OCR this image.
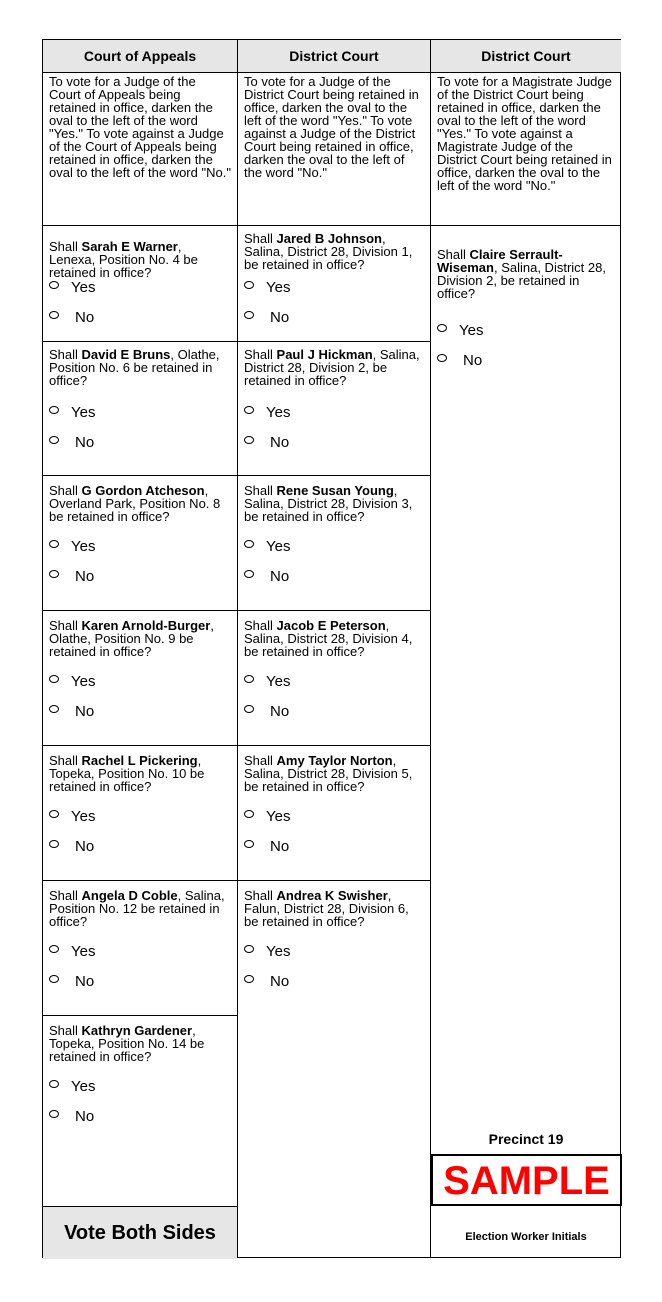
Court of Appeals
To vote for a Judge of the Court of Appeals being retained in office, darken the oval to the left of the word "Yes." To vote against a Judge of the Court of Appeals being retained in office, darken the oval to the left of the word "No."
Shall Sarah E Warner, Lenexa, Position No. 4 be retained in office?
Yes
No
Shall David E Bruns, Olathe, Position No. 6 be retained in office?
Yes
No
Shall G Gordon Atcheson, Overland Park, Position No. 8 be retained in office?
Yes
No
Shall Karen Arnold-Burger, Olathe, Position No. 9 be retained in office?
Yes
No
Shall Rachel L Pickering, Topeka, Position No. 10 be retained in office?
Yes
No
Shall Angela D Coble, Salina, Position No. 12 be retained in office?
Yes
No
Shall Kathryn Gardener, Topeka, Position No. 14 be retained in office?
Yes
No
Vote Both Sides
District Court
To vote for a Judge of the District Court being retained in office, darken the oval to the left of the word "Yes." To vote against a Judge of the District Court being retained in office, darken the oval to the left of the word "No."
Shall Jared B Johnson, Salina, District 28, Division 1, be retained in office?
Yes
No
Shall Paul J Hickman, Salina, District 28, Division 2, be retained in office?
Yes
No
Shall Rene Susan Young, Salina, District 28, Division 3, be retained in office?
Yes
No
Shall Jacob E Peterson, Salina, District 28, Division 4, be retained in office?
Yes
No
Shall Amy Taylor Norton, Salina, District 28, Division 5, be retained in office?
Yes
No
Shall Andrea K Swisher, Falun, District 28, Division 6, be retained in office?
Yes
No
District Court
To vote for a Magistrate Judge of the District Court being retained in office, darken the oval to the left of the word "Yes." To vote against a Magistrate Judge of the District Court being retained in office, darken the oval to the left of the word "No."
Shall Claire Serrault-Wiseman, Salina, District 28, Division 2, be retained in office?
Yes
No
Precinct 19
SAMPLE
Election Worker Initials
